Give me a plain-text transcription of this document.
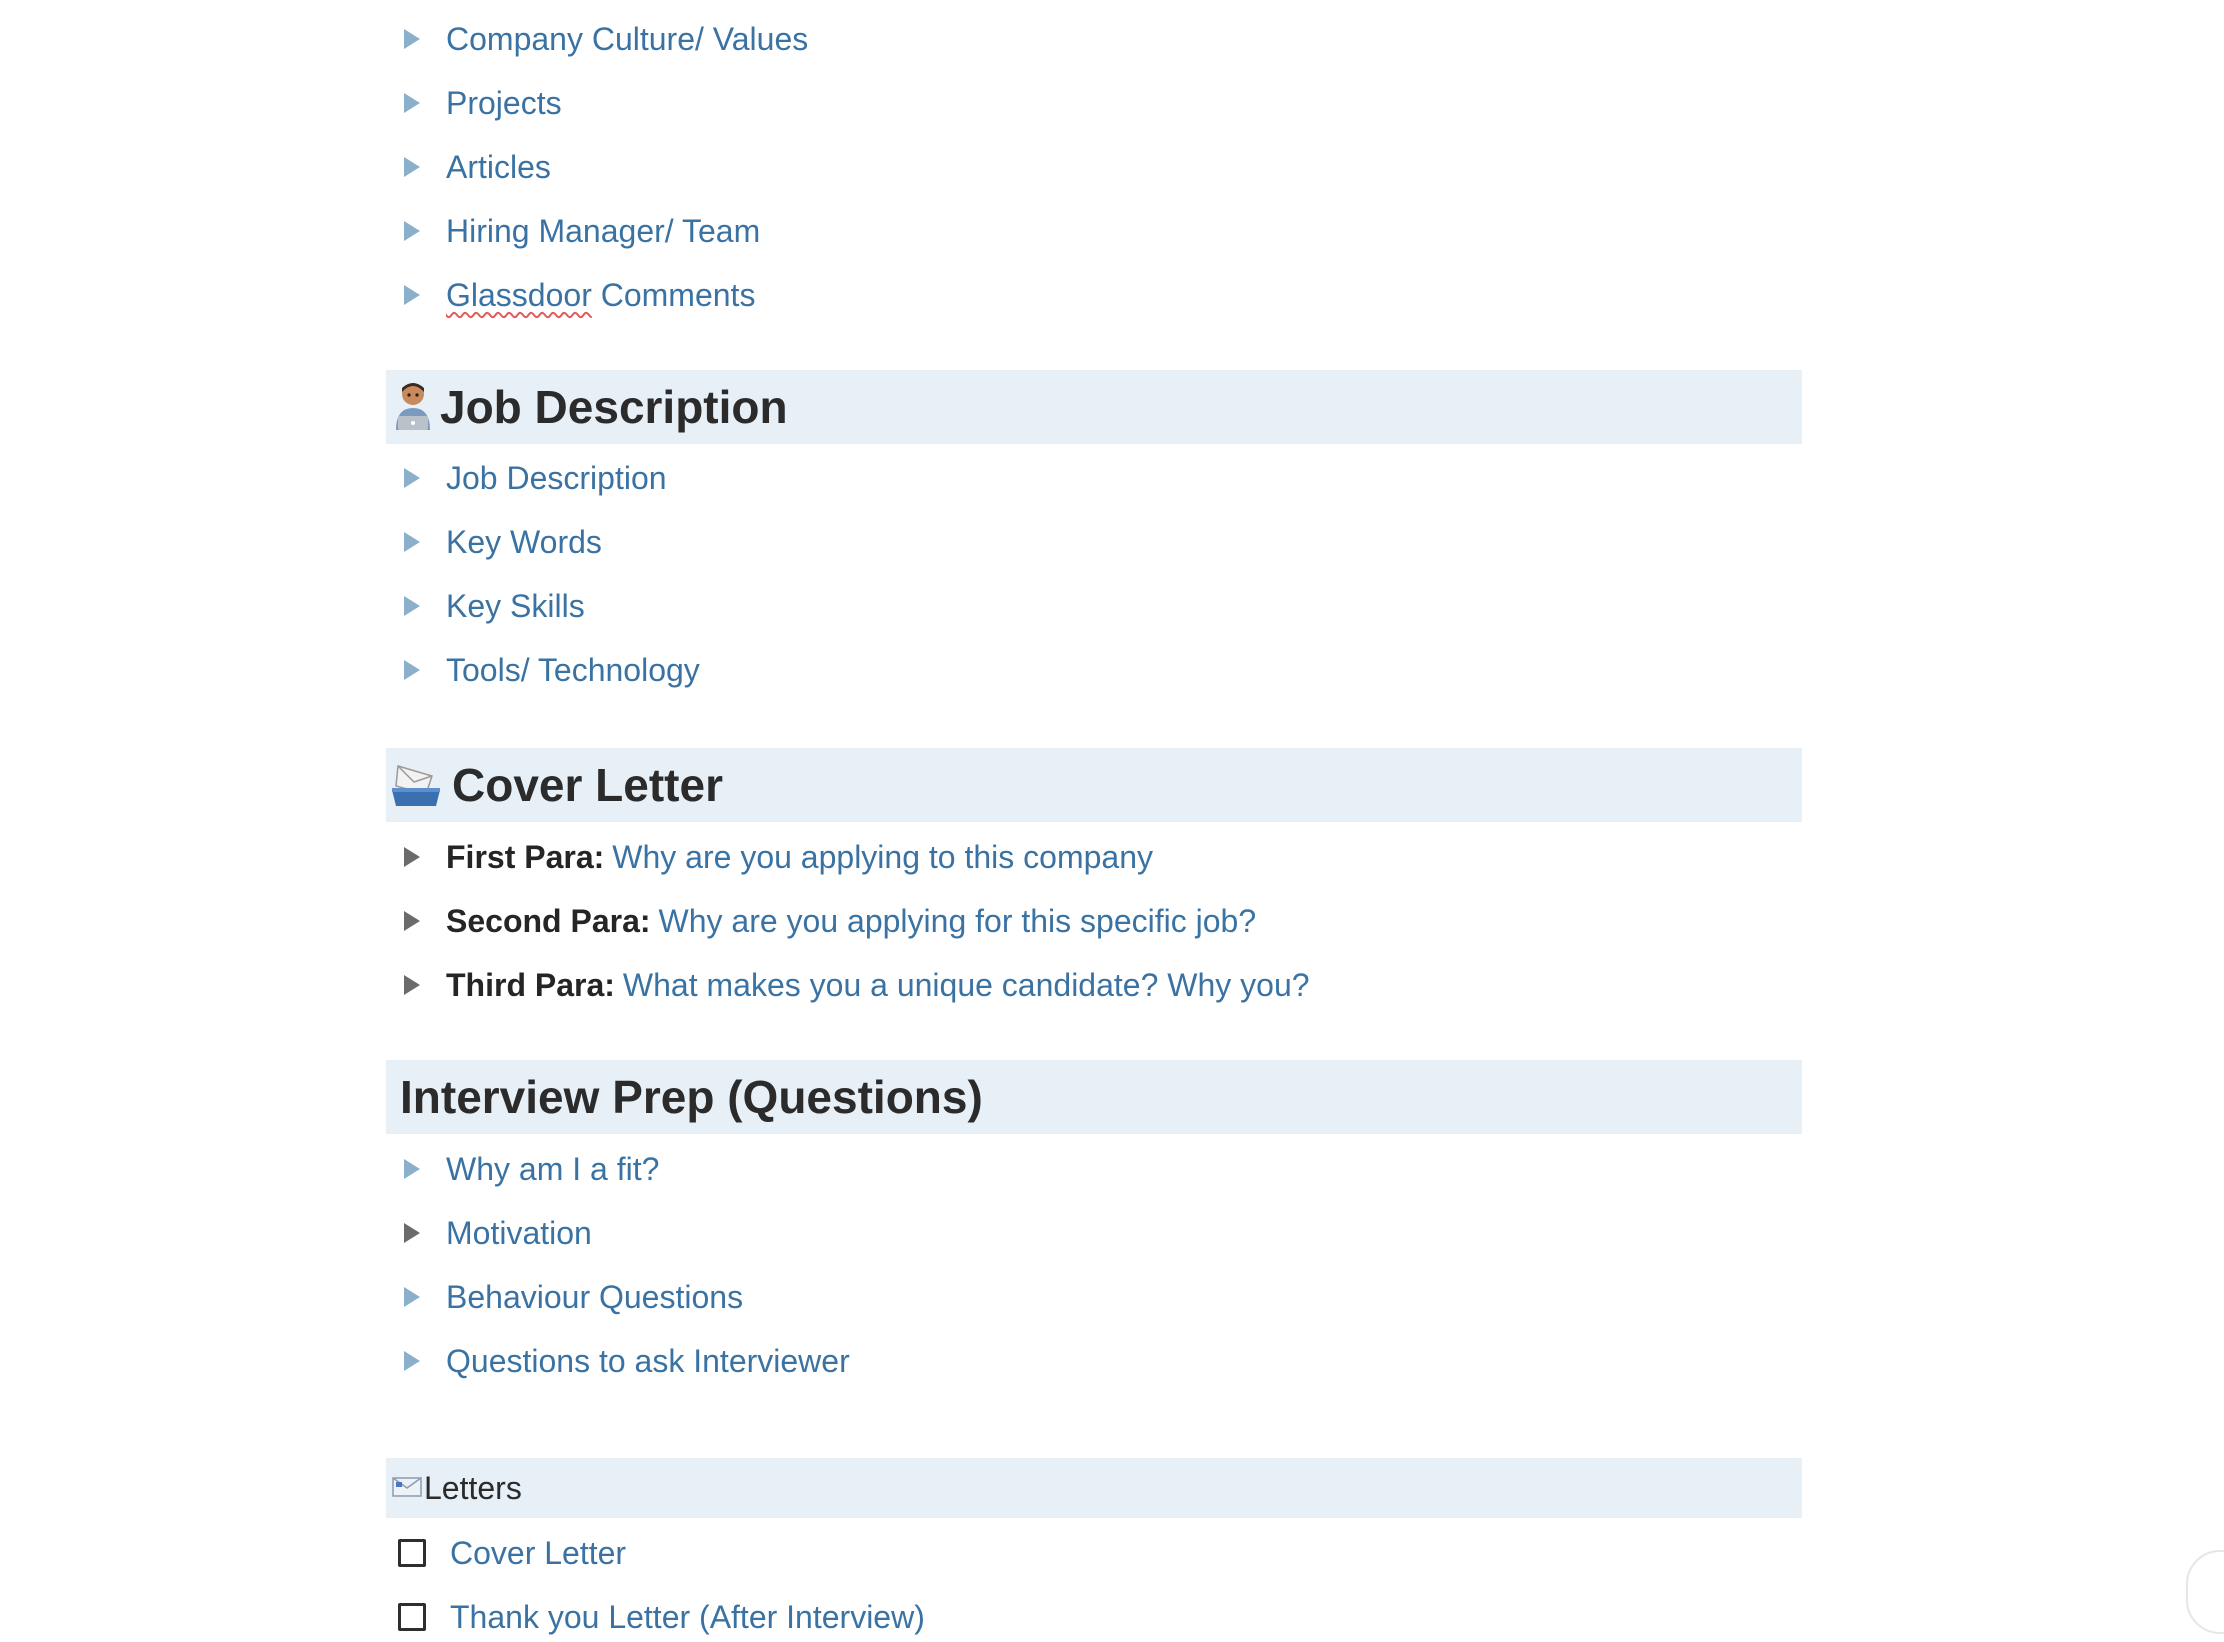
Company Culture/ Values
Projects
Articles
Hiring Manager/ Team
Glassdoor Comments
Job Description
Job Description
Key Words
Key Skills
Tools/ Technology
Cover Letter
First Para: Why are you applying to this company
Second Para: Why are you applying for this specific job?
Third Para: What makes you a unique candidate? Why you?
Interview Prep (Questions)
Why am I a fit?
Motivation
Behaviour Questions
Questions to ask Interviewer
Letters
Cover Letter
Thank you Letter (After Interview)
